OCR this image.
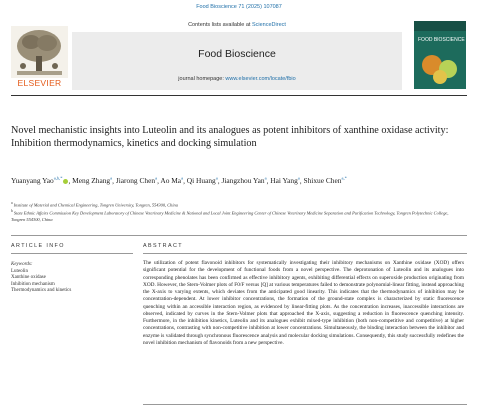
Food Bioscience 71 (2025) 107087
ELSEVIER
Contents lists available at ScienceDirect
Food Bioscience
journal homepage: www.elsevier.com/locate/fbio
FOOD BIOSCIENCE
Novel mechanistic insights into Luteolin and its analogues as potent inhibitors of xanthine oxidase activity: Inhibition thermodynamics, kinetics and docking simulation
Yuanyang Yao$^{a,b,*}$ , Meng Zhang$^a$, Jiarong Chen$^a$, Ao Ma$^a$, Qi Huang$^a$, Jiangzhou Yan$^a$, Hai Yang$^a$, Shixue Chen$^{a,*}$
$^a$ Institute of Material and Chemical Engineering, Tongren University, Tongren, 554300, China
$^b$ State Ethnic Affairs Commission Key Development Laboratory of Chinese Veterinary Medicine & National and Local Joint Engineering Center of Chinese Veterinary Medicine Separation and Purification Technology, Tongren Polytechnic College, Tongren 554300, China
ARTICLE INFO
Keywords:
Luteolin
Xanthine oxidase
Inhibition mechanism
Thermodynamics and kinetics
ABSTRACT
The utilization of potent flavonoid inhibitors for systematically investigating their inhibitory mechanisms on Xanthine oxidase (XOD) offers significant potential for the development of functional foods from a novel perspective. The deprotonation of Luteolin and its analogues into corresponding phenolates has been confirmed as effective inhibitory agents, exhibiting differential effects on superoxide production originating from XOD. However, the Stern-Volmer plots of F0/F versus [Q] at various temperatures failed to demonstrate polynomial-linear fitting, instead approaching the X-axis to varying extents, which deviates from the anticipated good linearity. This indicates that the thermodynamics of inhibition may be concentration-dependent. At lower inhibitor concentrations, the formation of the ground-state complex is characterized by static fluorescence quenching within an accessible interaction region, as evidenced by linear-fitting plots. As the concentration increases, inaccessible interactions are observed, indicated by curves in the Stern-Volmer plots that approached the X-axis, suggesting a reduction in fluorescence quenching intensity. Furthermore, in the inhibition kinetics, Luteolin and its analogues exhibit mixed-type inhibition (both non-competitive and competitive) at higher concentrations, contrasting with non-competitive inhibition at lower concentrations. Simultaneously, the binding interaction between the inhibitor and enzyme is validated through synchronous fluorescence analysis and molecular docking simulations. Consequently, this study successfully redefines the novel inhibition mechanism of flavonoids from a new perspective.
